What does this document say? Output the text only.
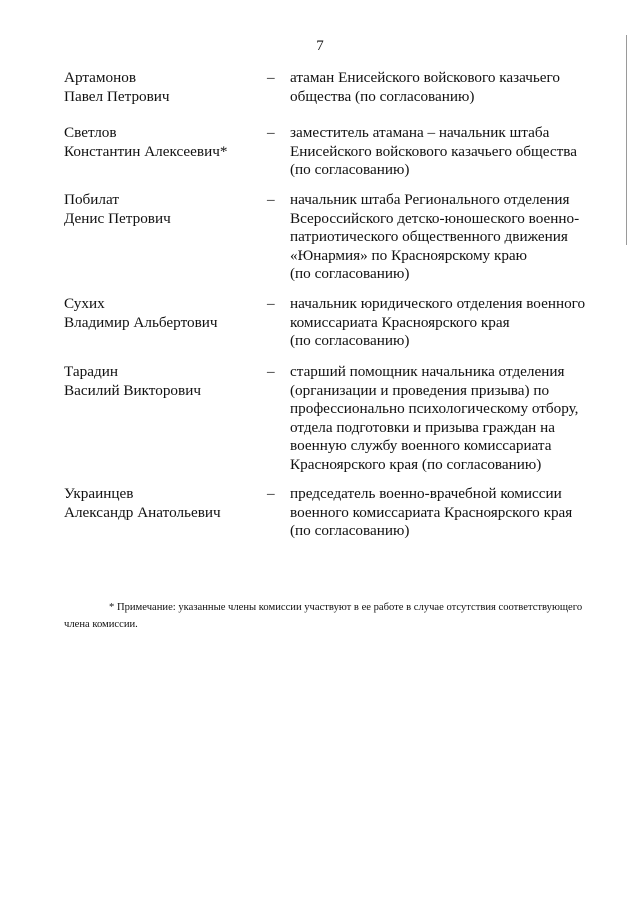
7
Артамонов
Павел Петрович
– атаман Енисейского войскового казачьего
общества (по согласованию)
Светлов
Константин Алексеевич*
– заместитель атамана – начальник штаба
Енисейского войскового казачьего общества
(по согласованию)
Побилат
Денис Петрович
– начальник штаба Регионального отделения
Всероссийского детско-юношеского военно-
патриотического общественного движения
«Юнармия» по Красноярскому краю
(по согласованию)
Сухих
Владимир Альбертович
– начальник юридического отделения военного
комиссариата Красноярского края
(по согласованию)
Тарадин
Василий Викторович
– старший помощник начальника отделения
(организации и проведения призыва) по
профессионально психологическому отбору,
отдела подготовки и призыва граждан на
военную службу военного комиссариата
Красноярского края (по согласованию)
Украинцев
Александр Анатольевич
– председатель военно-врачебной комиссии
военного комиссариата Красноярского края
(по согласованию)
* Примечание: указанные члены комиссии участвуют в ее работе в случае отсутствия соответствующего
члена комиссии.
